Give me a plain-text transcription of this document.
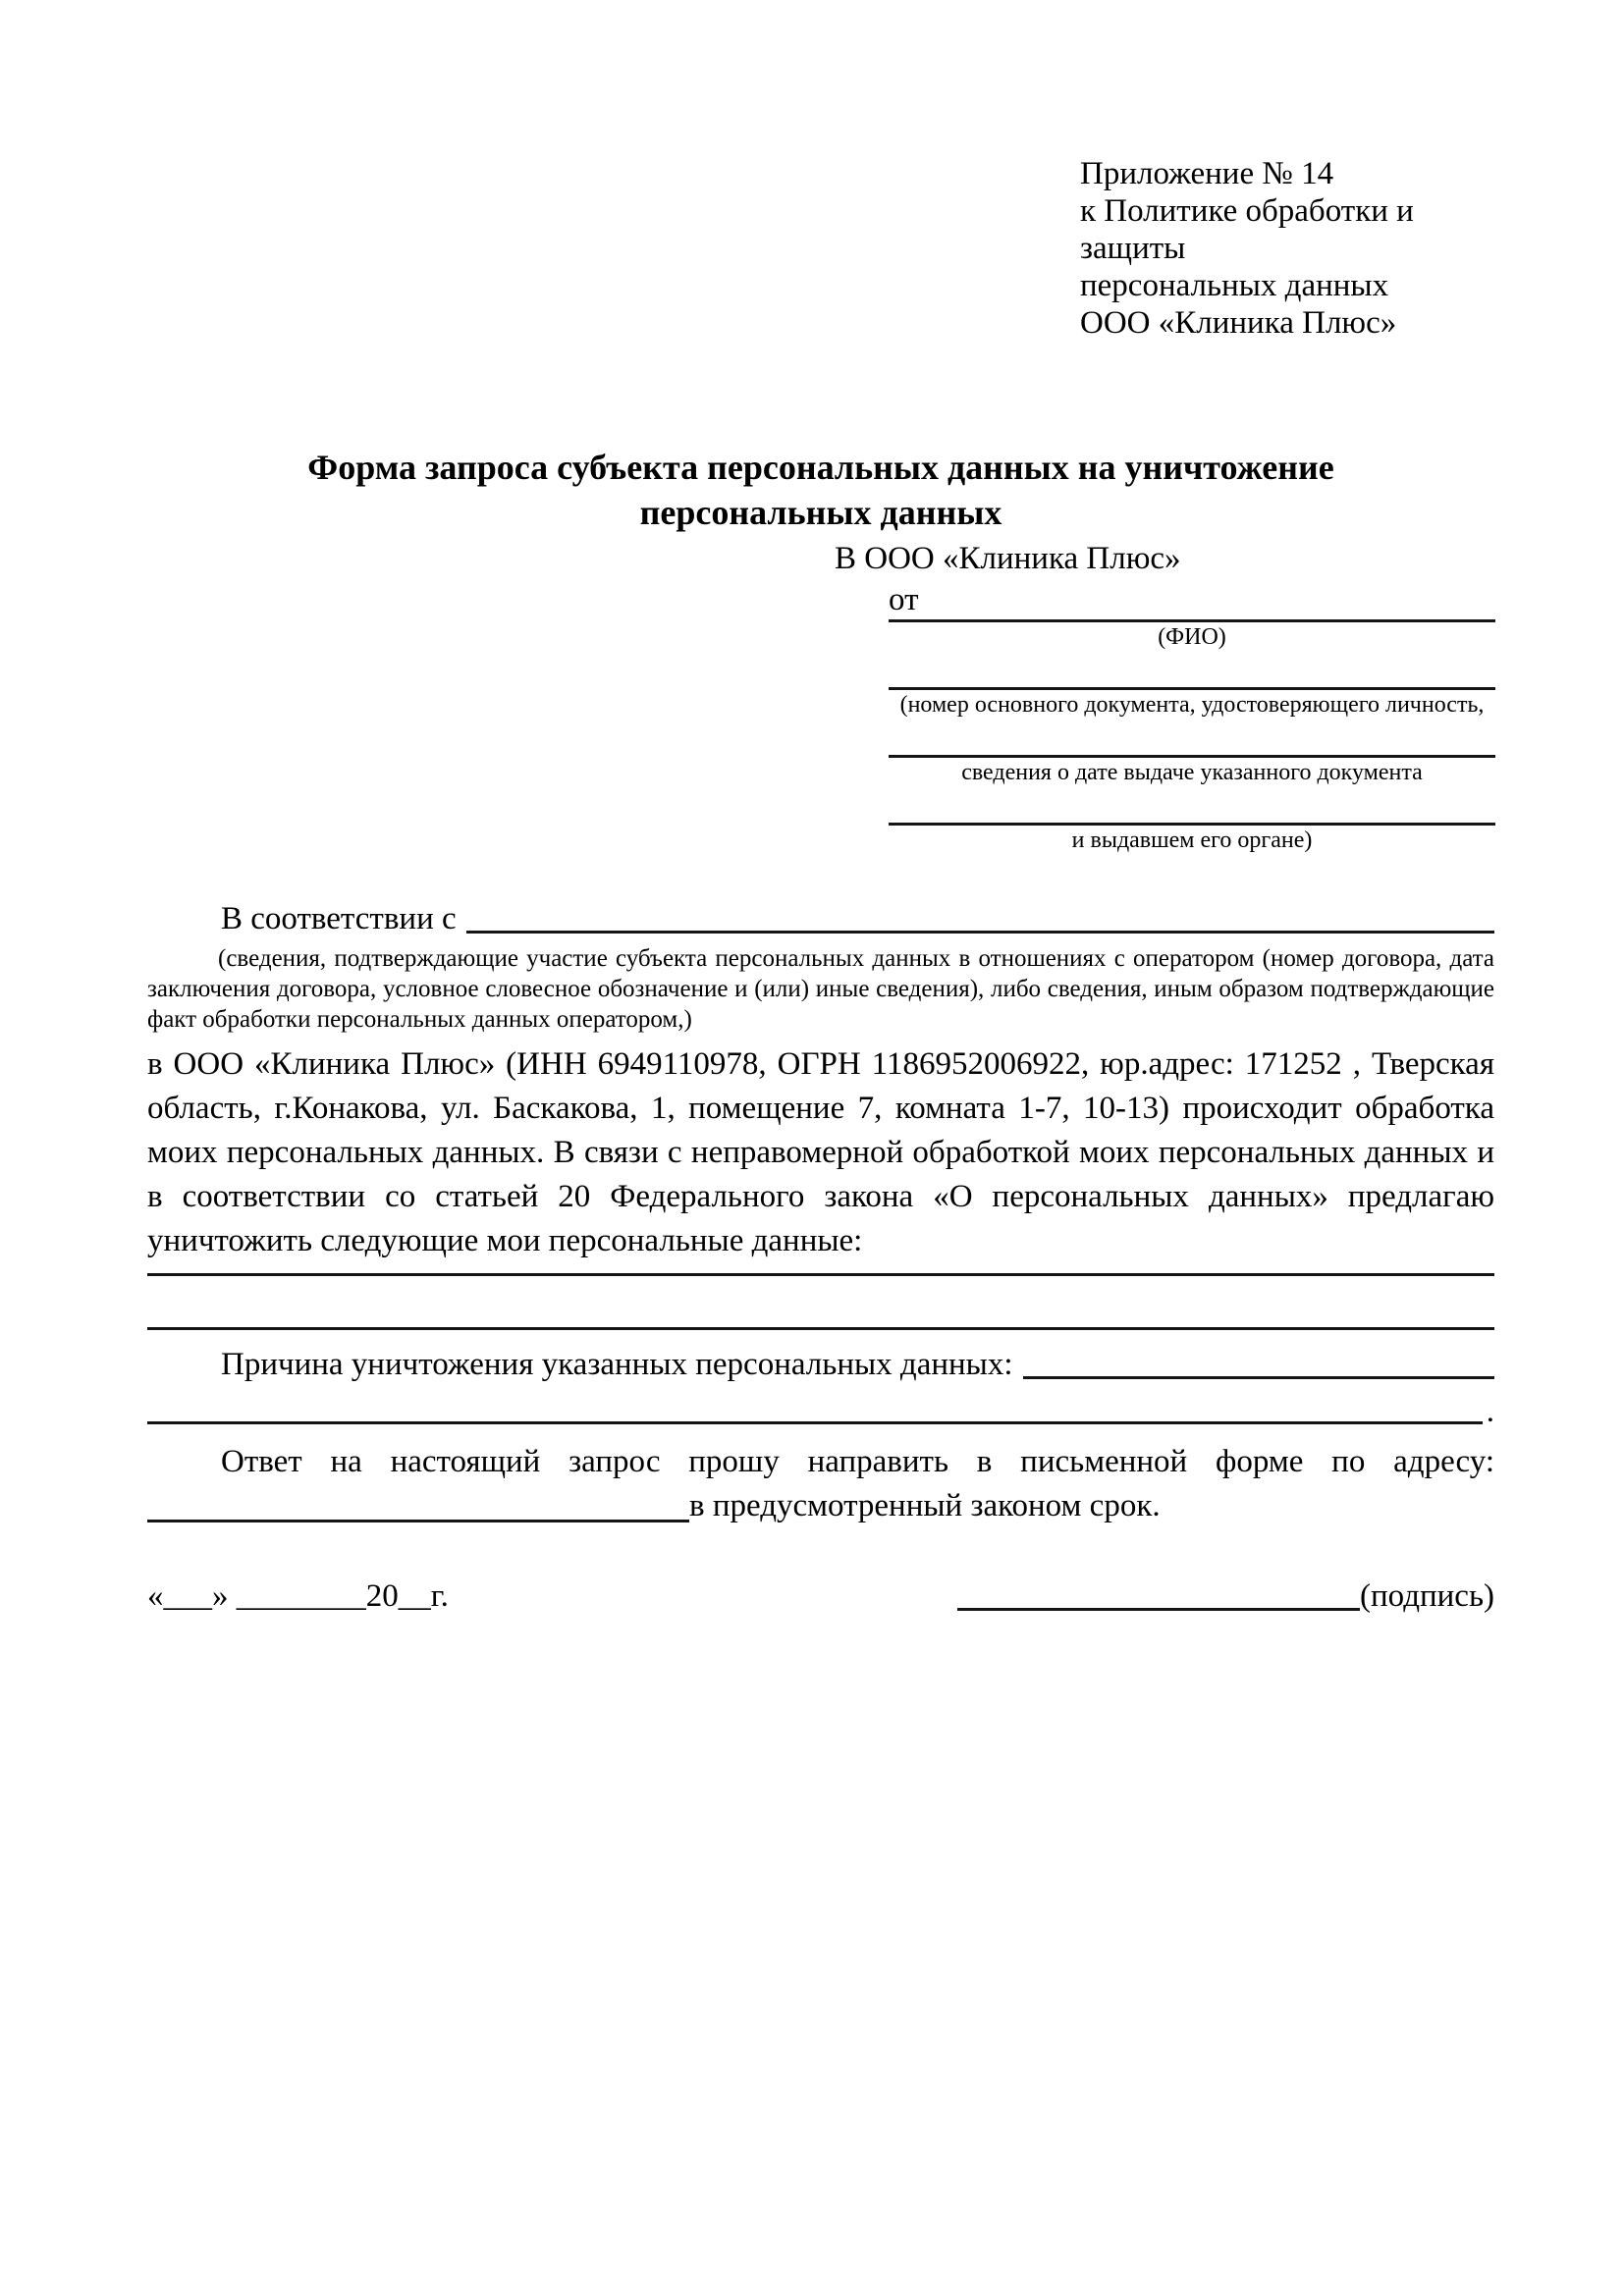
Приложение № 14
к Политике обработки и защиты
персональных данных
ООО «Клиника Плюс»
Форма запроса субъекта персональных данных на уничтожение персональных данных
В ООО «Клиника Плюс»
от
(ФИО)
(номер основного документа, удостоверяющего личность,
сведения о дате выдаче указанного документа
и выдавшем его органе)
В соответствии с
(сведения, подтверждающие участие субъекта персональных данных в отношениях с оператором (номер договора, дата заключения договора, условное словесное обозначение и (или) иные сведения), либо сведения, иным образом подтверждающие факт обработки персональных данных оператором,)
в ООО «Клиника Плюс» (ИНН 6949110978, ОГРН 1186952006922, юр.адрес: 171252 , Тверская область, г.Конакова, ул. Баскакова, 1, помещение 7, комната 1-7, 10-13) происходит обработка моих персональных данных. В связи с неправомерной обработкой моих персональных данных и в соответствии со статьей 20 Федерального закона «О персональных данных» предлагаю уничтожить следующие мои персональные данные:
Причина уничтожения указанных персональных данных:
.
Ответ на настоящий запрос прошу направить в письменной форме по адресу:
в предусмотренный законом срок.
«___» ________20__г.	(подпись)
